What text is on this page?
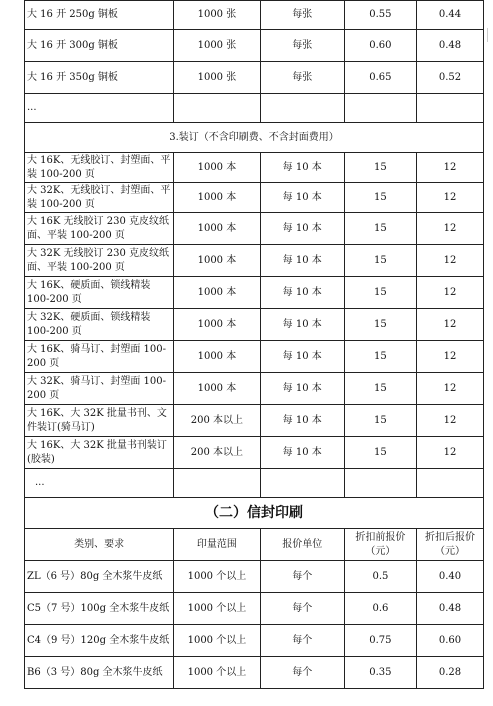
大 16 开 250g 铜板	1000 张	每张	0.55	0.44
大 16 开 300g 铜板	1000 张	每张	0.60	0.48
大 16 开 350g 铜板	1000 张	每张	0.65	0.52
...				
3.装订（不含印刷费、不含封面费用）				
大 16K、无线胶订、封塑面、平装 100-200 页	1000 本	每 10 本	15	12
大 32K、无线胶订、封塑面、平装 100-200 页	1000 本	每 10 本	15	12
大 16K 无线胶订 230 克皮纹纸面、平装 100-200 页	1000 本	每 10 本	15	12
大 32K 无线胶订 230 克皮纹纸面、平装 100-200 页	1000 本	每 10 本	15	12
大 16K、硬质面、锁线精装 100-200 页	1000 本	每 10 本	15	12
大 32K、硬质面、锁线精装 100-200 页	1000 本	每 10 本	15	12
大 16K、骑马订、封塑面 100-200 页	1000 本	每 10 本	15	12
大 32K、骑马订、封塑面 100-200 页	1000 本	每 10 本	15	12
大 16K、大 32K 批量书刊、文件装订(骑马订)	200 本以上	每 10 本	15	12
大 16K、大 32K 批量书刊装订(胶装)	200 本以上	每 10 本	15	12
...				
（二）信封印刷				
类别、要求	印量范围	报价单位	折扣前报价（元）	折扣后报价（元）
ZL（6 号）80g 全木浆牛皮纸	1000 个以上	每个	0.5	0.40
C5（7 号）100g 全木浆牛皮纸	1000 个以上	每个	0.6	0.48
C4（9 号）120g 全木浆牛皮纸	1000 个以上	每个	0.75	0.60
B6（3 号）80g 全木浆牛皮纸	1000 个以上	每个	0.35	0.28
